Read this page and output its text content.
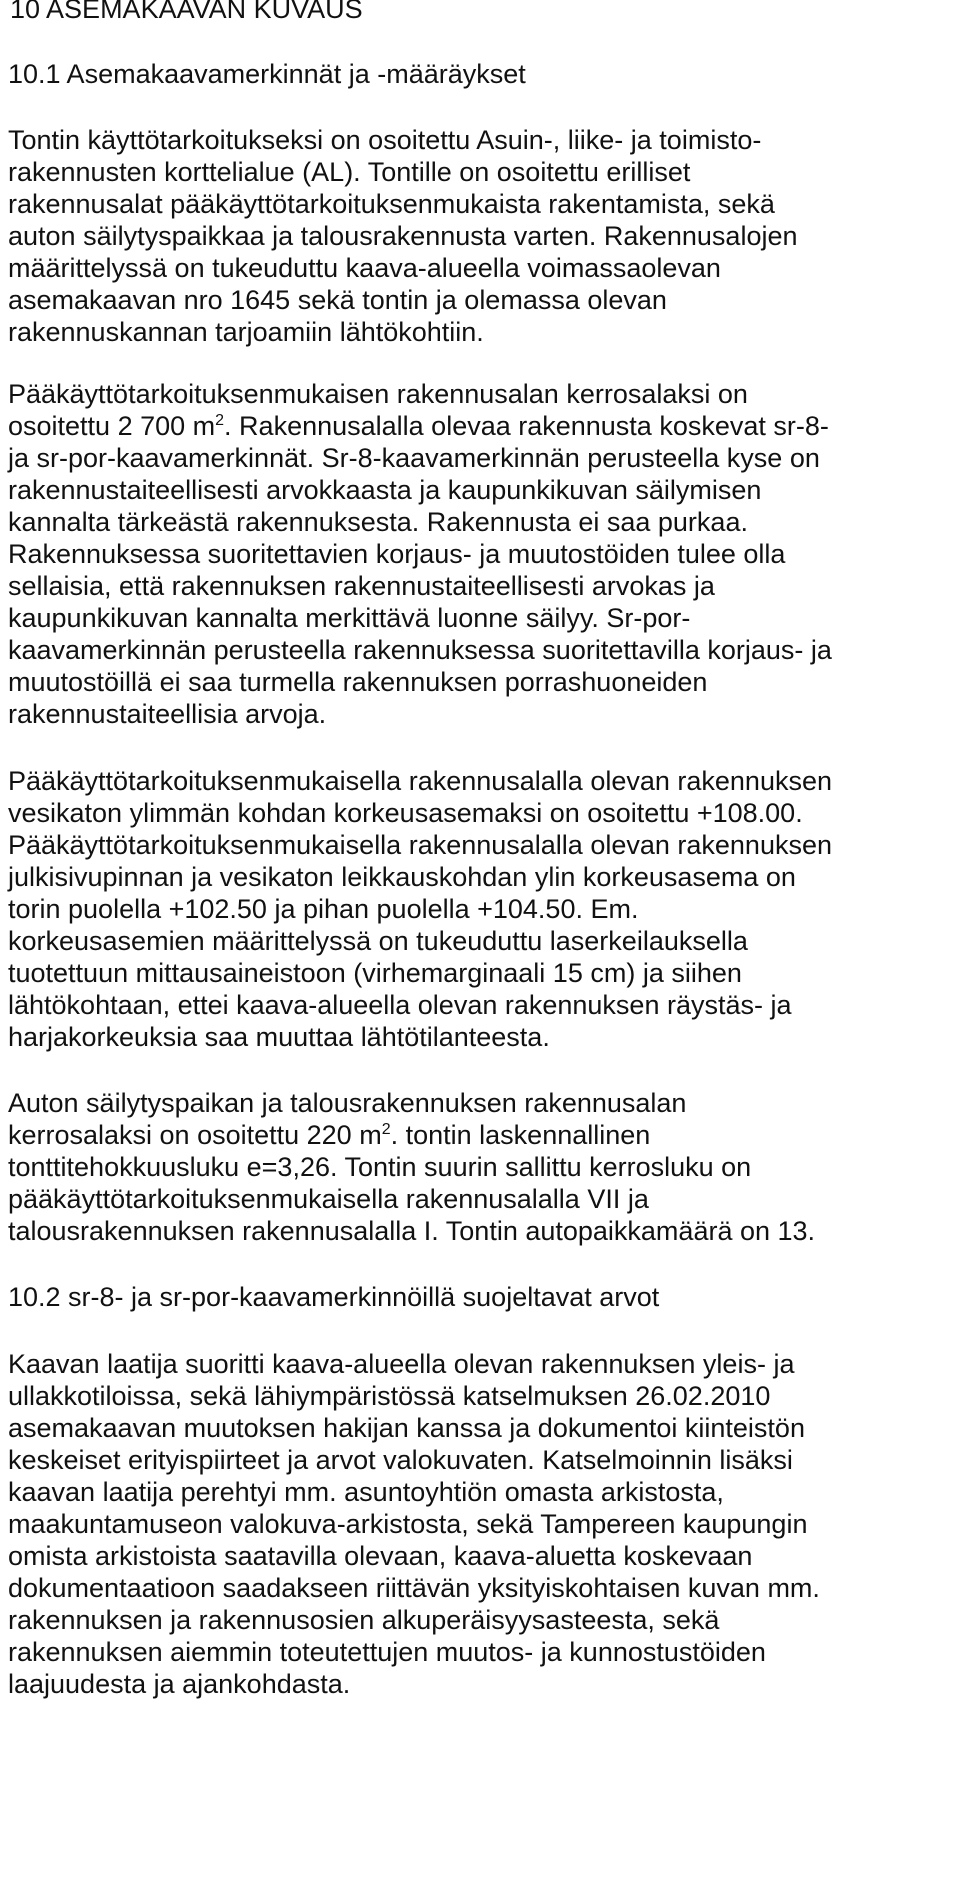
10 ASEMAKAAVAN KUVAUS
10.1 Asemakaavamerkinnät ja -määräykset
Tontin käyttötarkoitukseksi on osoitettu Asuin-, liike- ja toimisto-
rakennusten korttelialue (AL). Tontille on osoitettu erilliset
rakennusalat pääkäyttötarkoituksenmukaista rakentamista, sekä
auton säilytyspaikkaa ja talousrakennusta varten. Rakennusalojen
määrittelyssä on tukeuduttu kaava-alueella voimassaolevan
asemakaavan nro 1645 sekä tontin ja olemassa olevan
rakennuskannan tarjoamiin lähtökohtiin.
Pääkäyttötarkoituksenmukaisen rakennusalan kerrosalaksi on
osoitettu 2 700 $m^2$. Rakennusalalla olevaa rakennusta koskevat sr-8-
ja sr-por-kaavamerkinnät. Sr-8-kaavamerkinnän perusteella kyse on
rakennustaiteellisesti arvokkaasta ja kaupunkikuvan säilymisen
kannalta tärkeästä rakennuksesta. Rakennusta ei saa purkaa.
Rakennuksessa suoritettavien korjaus- ja muutostöiden tulee olla
sellaisia, että rakennuksen rakennustaiteellisesti arvokas ja
kaupunkikuvan kannalta merkittävä luonne säilyy. Sr-por-
kaavamerkinnän perusteella rakennuksessa suoritettavilla korjaus- ja
muutostöillä ei saa turmella rakennuksen porrashuoneiden
rakennustaiteellisia arvoja.
Pääkäyttötarkoituksenmukaisella rakennusalalla olevan rakennuksen
vesikaton ylimmän kohdan korkeusasemaksi on osoitettu +108.00.
Pääkäyttötarkoituksenmukaisella rakennusalalla olevan rakennuksen
julkisivupinnan ja vesikaton leikkauskohdan ylin korkeusasema on
torin puolella +102.50 ja pihan puolella +104.50. Em.
korkeusasemien määrittelyssä on tukeuduttu laserkeilauksella
tuotettuun mittausaineistoon (virhemarginaali 15 cm) ja siihen
lähtökohtaan, ettei kaava-alueella olevan rakennuksen räystäs- ja
harjakorkeuksia saa muuttaa lähtötilanteesta.
Auton säilytyspaikan ja talousrakennuksen rakennusalan
kerrosalaksi on osoitettu 220 $m^2$. tontin laskennallinen
tonttitehokkuusluku e=3,26. Tontin suurin sallittu kerrosluku on
pääkäyttötarkoituksenmukaisella rakennusalalla VII ja
talousrakennuksen rakennusalalla I. Tontin autopaikkamäärä on 13.
10.2 sr-8- ja sr-por-kaavamerkinnöillä suojeltavat arvot
Kaavan laatija suoritti kaava-alueella olevan rakennuksen yleis- ja
ullakkotiloissa, sekä lähiympäristössä katselmuksen 26.02.2010
asemakaavan muutoksen hakijan kanssa ja dokumentoi kiinteistön
keskeiset erityispiirteet ja arvot valokuvaten. Katselmoinnin lisäksi
kaavan laatija perehtyi mm. asuntoyhtiön omasta arkistosta,
maakuntamuseon valokuva-arkistosta, sekä Tampereen kaupungin
omista arkistoista saatavilla olevaan, kaava-aluetta koskevaan
dokumentaatioon saadakseen riittävän yksityiskohtaisen kuvan mm.
rakennuksen ja rakennusosien alkuperäisyysasteesta, sekä
rakennuksen aiemmin toteutettujen muutos- ja kunnostustöiden
laajuudesta ja ajankohdasta.
